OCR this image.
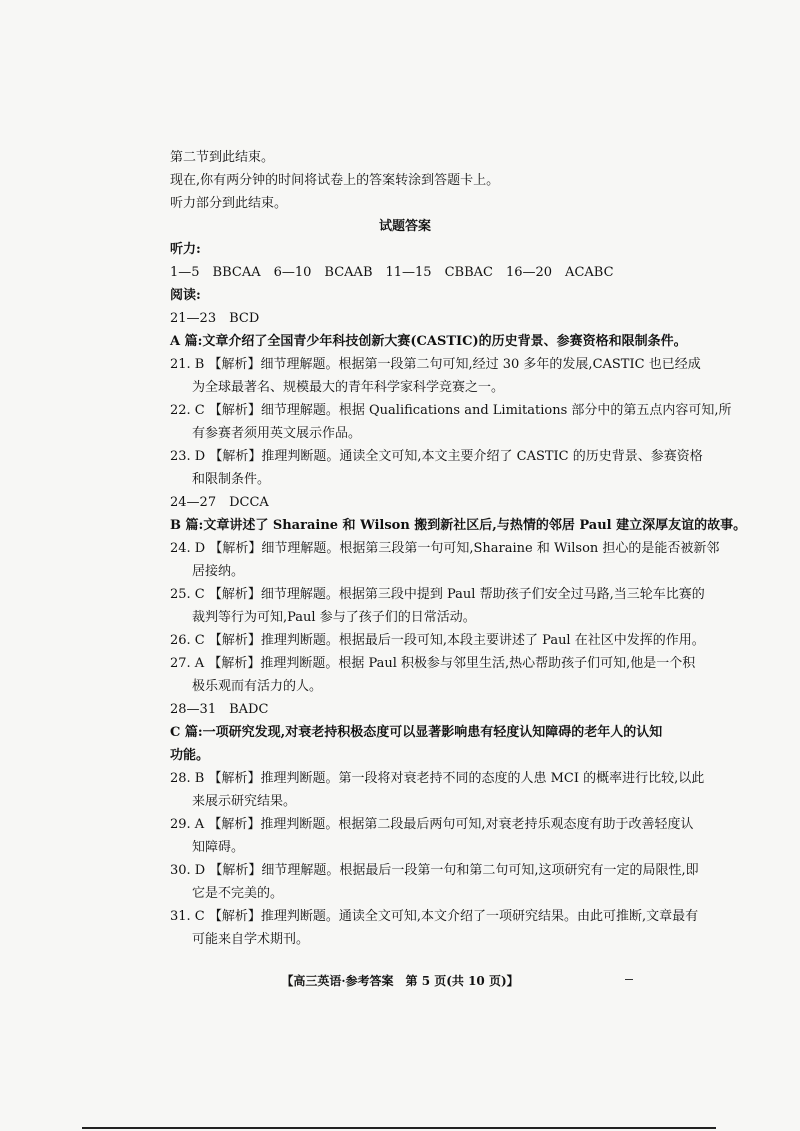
第二节到此结束。
现在,你有两分钟的时间将试卷上的答案转涂到答题卡上。
听力部分到此结束。
试题答案
听力:
1—5　BBCAA　6—10　BCAAB　11—15　CBBAC　16—20　ACABC
阅读:
21—23　BCD
A 篇:文章介绍了全国青少年科技创新大赛(CASTIC)的历史背景、参赛资格和限制条件。
21. B 【解析】细节理解题。根据第一段第二句可知,经过 30 多年的发展,CASTIC 也已经成
为全球最著名、规模最大的青年科学家科学竞赛之一。
22. C 【解析】细节理解题。根据 Qualifications and Limitations 部分中的第五点内容可知,所
有参赛者须用英文展示作品。
23. D 【解析】推理判断题。通读全文可知,本文主要介绍了 CASTIC 的历史背景、参赛资格
和限制条件。
24—27　DCCA
B 篇:文章讲述了 Sharaine 和 Wilson 搬到新社区后,与热情的邻居 Paul 建立深厚友谊的故事。
24. D 【解析】细节理解题。根据第三段第一句可知,Sharaine 和 Wilson 担心的是能否被新邻
居接纳。
25. C 【解析】细节理解题。根据第三段中提到 Paul 帮助孩子们安全过马路,当三轮车比赛的
裁判等行为可知,Paul 参与了孩子们的日常活动。
26. C 【解析】推理判断题。根据最后一段可知,本段主要讲述了 Paul 在社区中发挥的作用。
27. A 【解析】推理判断题。根据 Paul 积极参与邻里生活,热心帮助孩子们可知,他是一个积
极乐观而有活力的人。
28—31　BADC
C 篇:一项研究发现,对衰老持积极态度可以显著影响患有轻度认知障碍的老年人的认知
功能。
28. B 【解析】推理判断题。第一段将对衰老持不同的态度的人患 MCI 的概率进行比较,以此
来展示研究结果。
29. A 【解析】推理判断题。根据第二段最后两句可知,对衰老持乐观态度有助于改善轻度认
知障碍。
30. D 【解析】细节理解题。根据最后一段第一句和第二句可知,这项研究有一定的局限性,即
它是不完美的。
31. C 【解析】推理判断题。通读全文可知,本文介绍了一项研究结果。由此可推断,文章最有
可能来自学术期刊。
【高三英语·参考答案　第 5 页(共 10 页)】
